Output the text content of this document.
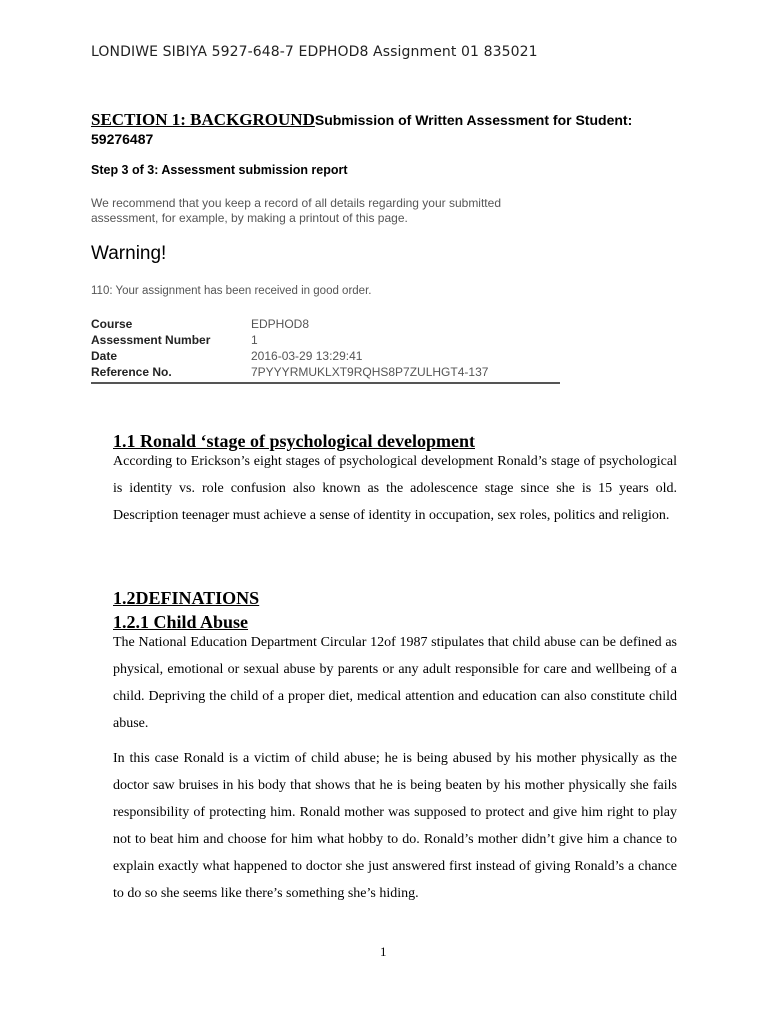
LONDIWE SIBIYA 5927-648-7 EDPHOD8 Assignment 01 835021
SECTION 1: BACKGROUNDSubmission of Written Assessment for Student: 59276487
Step 3 of 3: Assessment submission report
We recommend that you keep a record of all details regarding your submitted assessment, for example, by making a printout of this page.
Warning!
110: Your assignment has been received in good order.
Course	EDPHOD8
Assessment Number	1
Date	2016-03-29 13:29:41
Reference No.	7PYYYRMUKLXT9RQHS8P7ZULHGT4-137
1.1 Ronald ‘stage of psychological development

According to Erickson’s eight stages of psychological development Ronald’s stage of psychological is identity vs. role confusion also known as the adolescence stage since she is 15 years old. Description teenager must achieve a sense of identity in occupation, sex roles, politics and religion.

1.2DEFINATIONS
1.2.1 Child Abuse

The National Education Department Circular 12of 1987 stipulates that child abuse can be defined as physical, emotional or sexual abuse by parents or any adult responsible for care and wellbeing of a child. Depriving the child of a proper diet, medical attention and education can also constitute child abuse.

In this case Ronald is a victim of child abuse; he is being abused by his mother physically as the doctor saw bruises in his body that shows that he is being beaten by his mother physically she fails responsibility of protecting him. Ronald mother was supposed to protect and give him right to play not to beat him and choose for him what hobby to do. Ronald’s mother didn’t give him a chance to explain exactly what happened to doctor she just answered first instead of giving Ronald’s a chance to do so she seems like there’s something she’s hiding.

1
